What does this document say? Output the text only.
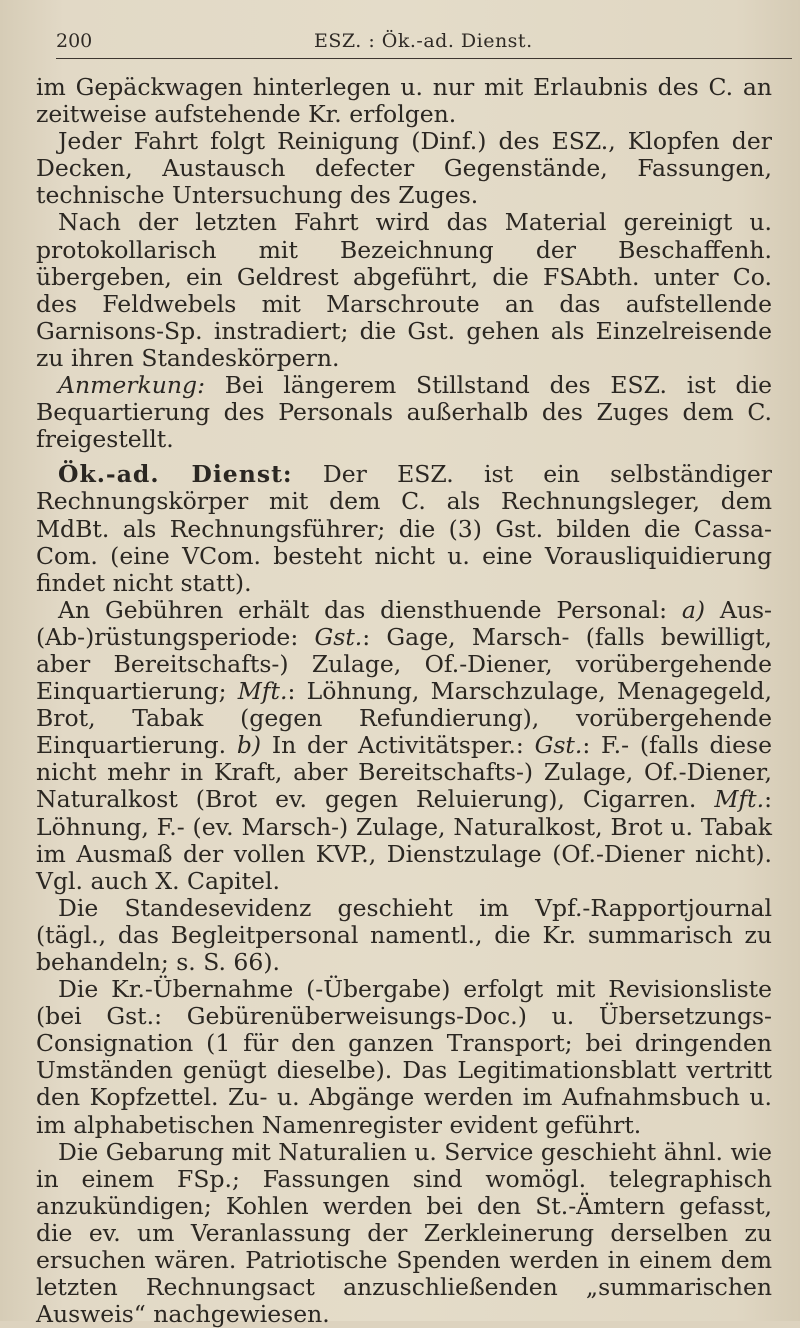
200	ESZ. : Ök.-ad. Dienst.

im Gepäckwagen hinterlegen u. nur mit Erlaubnis des C. an zeitweise aufstehende Kr. erfolgen.

Jeder Fahrt folgt Reinigung (Dinf.) des ESZ., Klopfen der Decken, Austausch defecter Gegenstände, Fassungen, technische Untersuchung des Zuges.

Nach der letzten Fahrt wird das Material gereinigt u. protokollarisch mit Bezeichnung der Beschaffenh. übergeben, ein Geldrest abgeführt, die FSAbth. unter Co. des Feldwebels mit Marschroute an das aufstellende Garnisons-Sp. instradiert; die Gst. gehen als Einzelreisende zu ihren Standeskörpern.

Anmerkung: Bei längerem Stillstand des ESZ. ist die Bequartierung des Personals außerhalb des Zuges dem C. freigestellt.

Ök.-ad. Dienst: Der ESZ. ist ein selbständiger Rechnungskörper mit dem C. als Rechnungsleger, dem MdBt. als Rechnungsführer; die (3) Gst. bilden die Cassa-Com. (eine VCom. besteht nicht u. eine Vorausliquidierung findet nicht statt).

An Gebühren erhält das diensthuende Personal: a) Aus-(Ab-)rüstungsperiode: Gst.: Gage, Marsch- (falls bewilligt, aber Bereitschafts-) Zulage, Of.-Diener, vorübergehende Einquartierung; Mft.: Löhnung, Marschzulage, Menagegeld, Brot, Tabak (gegen Refundierung), vorübergehende Einquartierung. b) In der Activitätsper.: Gst.: F.- (falls diese nicht mehr in Kraft, aber Bereitschafts-) Zulage, Of.-Diener, Naturalkost (Brot ev. gegen Reluierung), Cigarren. Mft.: Löhnung, F.- (ev. Marsch-) Zulage, Naturalkost, Brot u. Tabak im Ausmaß der vollen KVP., Dienstzulage (Of.-Diener nicht). Vgl. auch X. Capitel.

Die Standesevidenz geschieht im Vpf.-Rapportjournal (tägl., das Begleitpersonal namentl., die Kr. summarisch zu behandeln; s. S. 66).

Die Kr.-Übernahme (-Übergabe) erfolgt mit Revisionsliste (bei Gst.: Gebürenüberweisungs-Doc.) u. Übersetzungs-Consignation (1 für den ganzen Transport; bei dringenden Umständen genügt dieselbe). Das Legitimationsblatt vertritt den Kopfzettel. Zu- u. Abgänge werden im Aufnahmsbuch u. im alphabetischen Namenregister evident geführt.

Die Gebarung mit Naturalien u. Service geschieht ähnl. wie in einem FSp.; Fassungen sind womögl. telegraphisch anzukündigen; Kohlen werden bei den St.-Ämtern gefasst, die ev. um Veranlassung der Zerkleinerung derselben zu ersuchen wären. Patriotische Spenden werden in einem dem letzten Rechnungsact anzuschließenden „summarischen Ausweis“ nachgewiesen.
